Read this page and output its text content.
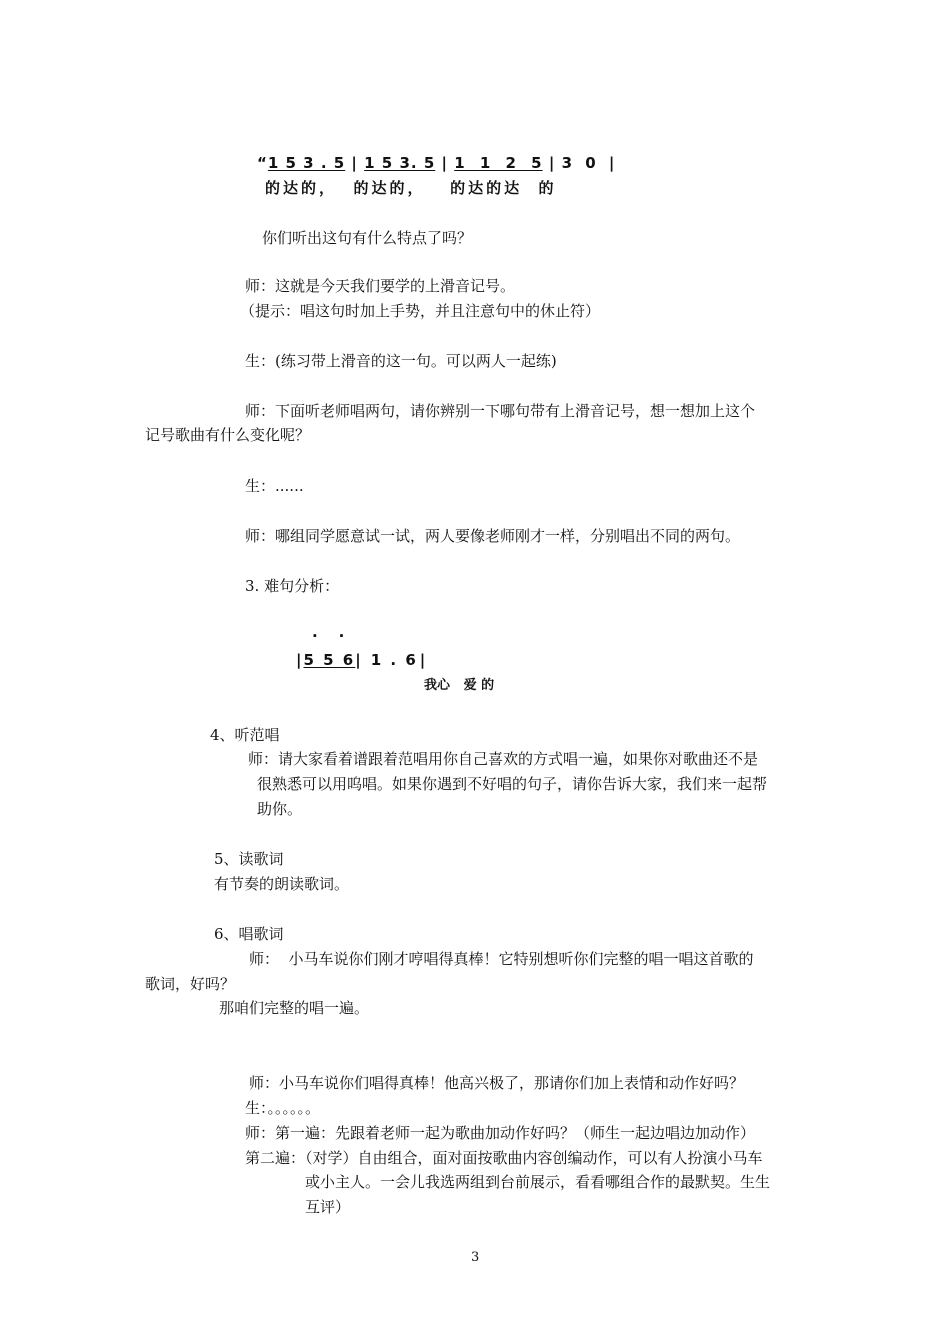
“1 5 3 . 5 | 1 5 3. 5 | 1 1 2 5 | 3 0 |
的达的，  的达的，   的达的达  的
你们听出这句有什么特点了吗？
师：这就是今天我们要学的上滑音记号。
（提示：唱这句时加上手势，并且注意句中的休止符）
生：(练习带上滑音的这一句。可以两人一起练)
师：下面听老师唱两句，请你辨别一下哪句带有上滑音记号，想一想加上这个
记号歌曲有什么变化呢？
生：......
师：哪组同学愿意试一试，两人要像老师刚才一样，分别唱出不同的两句。
3. 难句分析：
.    .
|5 5 6| 1 . 6 |
我心   爱 的
4、听范唱
师：请大家看着谱跟着范唱用你自己喜欢的方式唱一遍，如果你对歌曲还不是
很熟悉可以用呜唱。如果你遇到不好唱的句子，请你告诉大家，我们来一起帮
助你。
5、读歌词
有节奏的朗读歌词。
6、唱歌词
师：  小马车说你们刚才哼唱得真棒！它特别想听你们完整的唱一唱这首歌的
歌词，好吗？
那咱们完整的唱一遍。
师：小马车说你们唱得真棒！他高兴极了，那请你们加上表情和动作好吗？
生：。。。。。。
师：第一遍：先跟着老师一起为歌曲加动作好吗？（师生一起边唱边加动作）
第二遍：（对学）自由组合，面对面按歌曲内容创编动作，可以有人扮演小马车
或小主人。一会儿我选两组到台前展示，看看哪组合作的最默契。生生
互评）
3
